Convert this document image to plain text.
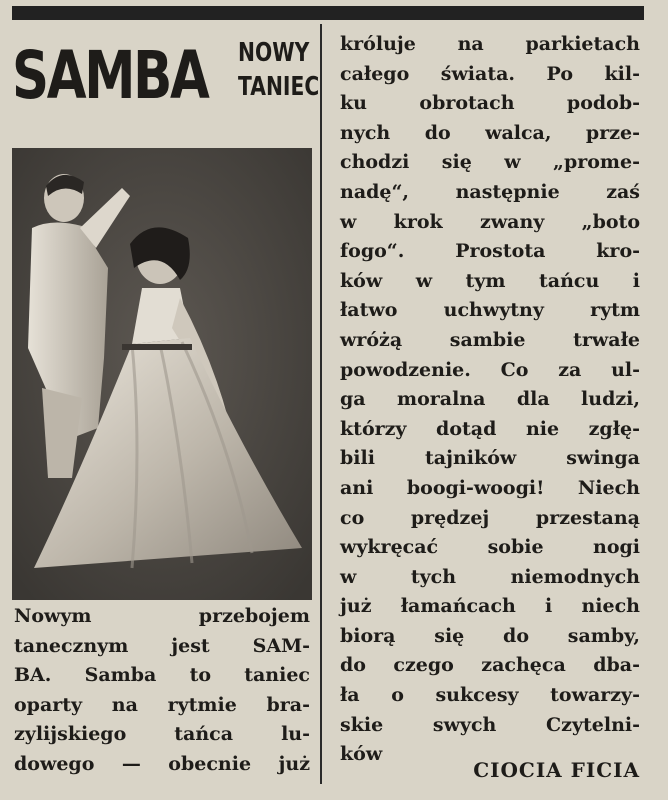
SAMBA NOWY
TANIEC
Nowym przebojem
tanecznym jest SAM-
BA. Samba to taniec
oparty na rytmie bra-
zylijskiego tańca lu-
dowego — obecnie już
króluje na parkietach
całego świata. Po kil-
ku obrotach podob-
nych do walca, prze-
chodzi się w „prome-
nadę“, następnie zaś
w krok zwany „boto
fogo“. Prostota kro-
ków w tym tańcu i
łatwo uchwytny rytm
wróżą sambie trwałe
powodzenie. Co za ul-
ga moralna dla ludzi,
którzy dotąd nie zgłę-
bili tajników swinga
ani boogi-woogi! Niech
co prędzej przestaną
wykręcać sobie nogi
w tych niemodnych
już łamańcach i niech
biorą się do samby,
do czego zachęca dba-
ła o sukcesy towarzy-
skie swych Czytelni-
ków
CIOCIA FICIA
